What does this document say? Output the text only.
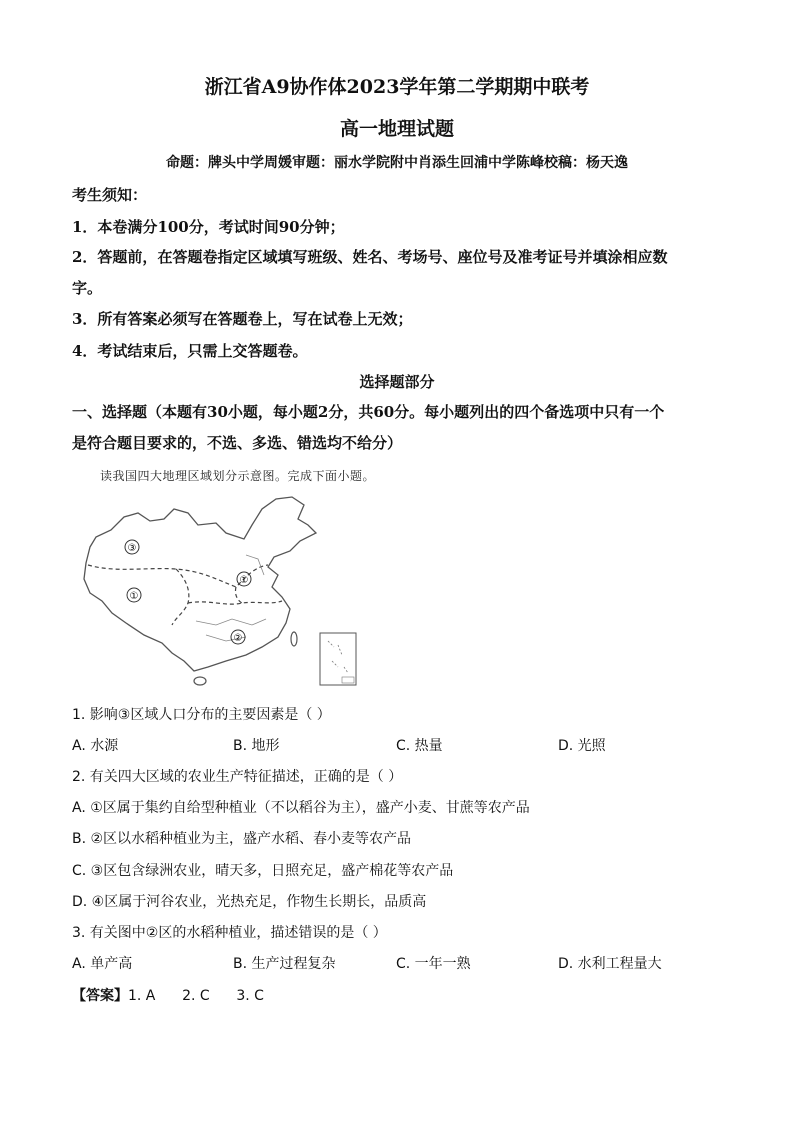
浙江省A9协作体2023学年第二学期期中联考
高一地理试题
命题：牌头中学周媛审题：丽水学院附中肖添生回浦中学陈峰校稿：杨天逸
考生须知：
1．本卷满分100分，考试时间90分钟；
2．答题前，在答题卷指定区域填写班级、姓名、考场号、座位号及准考证号并填涂相应数
字。
3．所有答案必须写在答题卷上，写在试卷上无效；
4．考试结束后，只需上交答题卷。
选择题部分
一、选择题（本题有30小题，每小题2分，共60分。每小题列出的四个备选项中只有一个
是符合题目要求的，不选、多选、错选均不给分）
读我国四大地理区域划分示意图。完成下面小题。
③
①
①
②
1. 影响③区域人口分布的主要因素是（ ）
A. 水源	B. 地形	C. 热量	D. 光照
2. 有关四大区域的农业生产特征描述，正确的是（ ）
A. ①区属于集约自给型种植业（不以稻谷为主），盛产小麦、甘蔗等农产品
B. ②区以水稻种植业为主，盛产水稻、春小麦等农产品
C. ③区包含绿洲农业，晴天多，日照充足，盛产棉花等农产品
D. ④区属于河谷农业，光热充足，作物生长期长，品质高
3. 有关图中②区的水稻种植业，描述错误的是（ ）
A. 单产高	B. 生产过程复杂	C. 一年一熟	D. 水利工程量大
【答案】1. A      2. C      3. C
